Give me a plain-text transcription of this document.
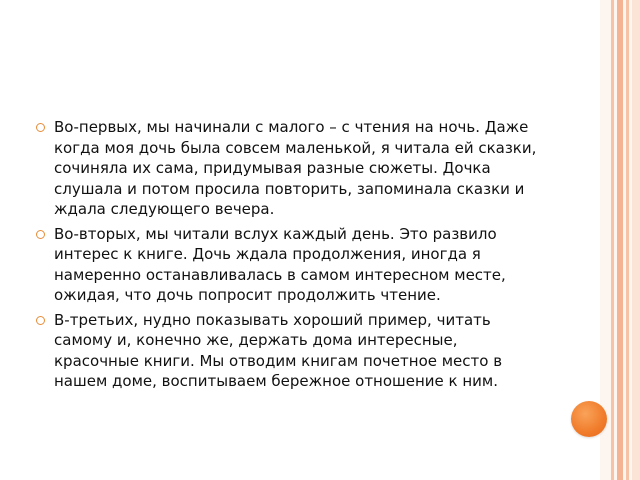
Во-первых, мы начинали с малого – с чтения на ночь. Даже когда моя дочь была совсем маленькой, я читала ей сказки, сочиняла их сама, придумывая разные сюжеты. Дочка слушала и потом просила повторить, запоминала сказки и ждала следующего вечера.
Во-вторых, мы читали вслух каждый день. Это развило интерес к книге. Дочь ждала продолжения, иногда я намеренно останавливалась в самом интересном месте, ожидая, что дочь попросит продолжить чтение.
В-третьих, нудно показывать хороший пример, читать самому и, конечно же, держать дома интересные, красочные книги. Мы отводим книгам почетное место в нашем доме, воспитываем бережное отношение к ним.
